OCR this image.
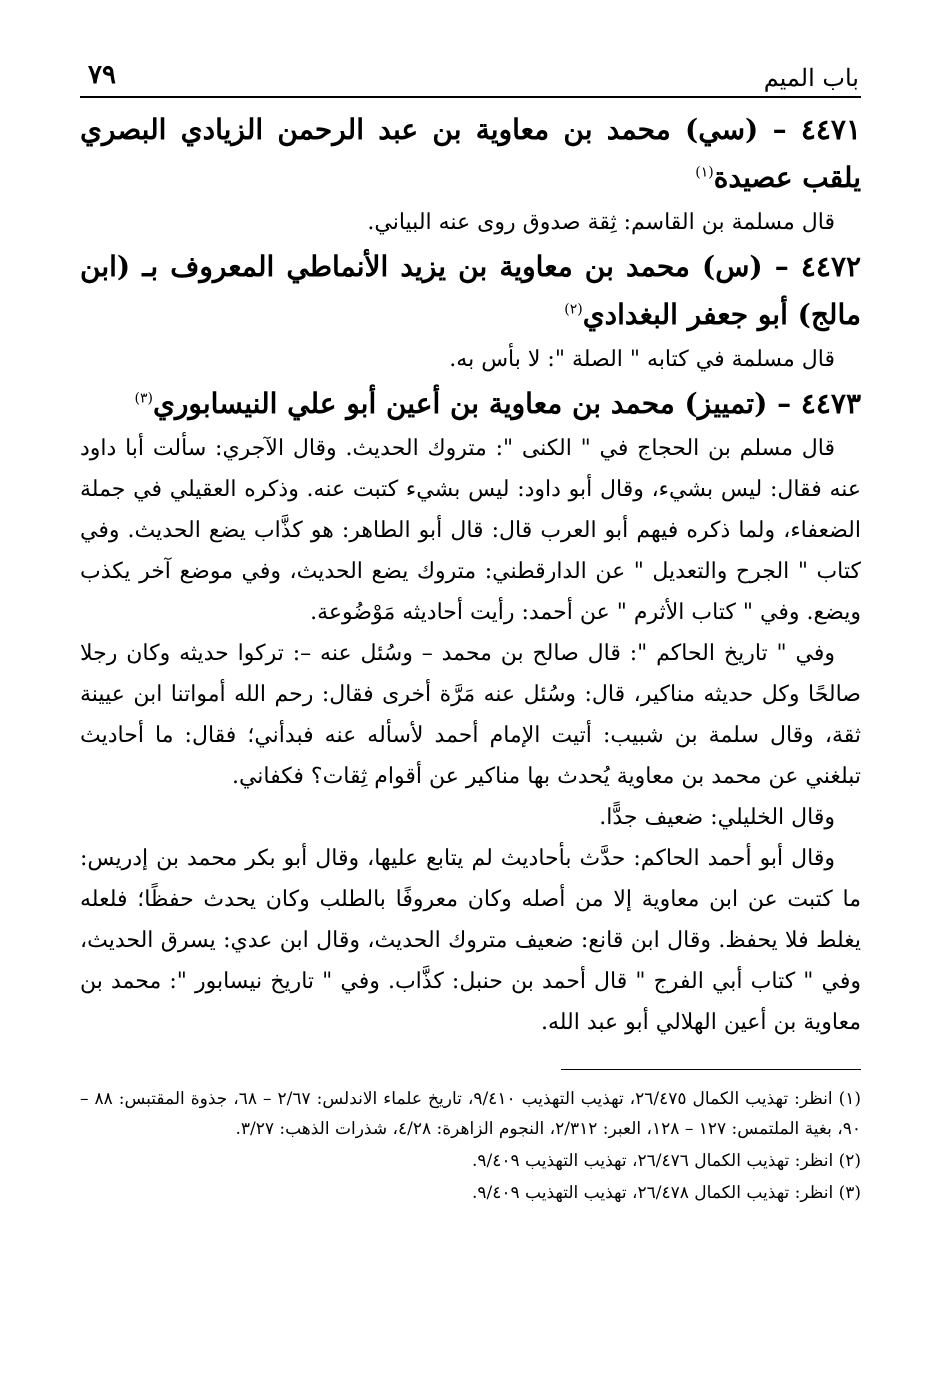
باب الميم
٧٩

٤٤٧١ – (سي) محمد بن معاوية بن عبد الرحمن الزيادي البصري يلقب عصيدة$^{(١)}$

قال مسلمة بن القاسم: ثِقة صدوق روى عنه البياني.

٤٤٧٢ – (س) محمد بن معاوية بن يزيد الأنماطي المعروف بـ (ابن مالج) أبو جعفر البغدادي$^{(٢)}$

قال مسلمة في كتابه " الصلة ": لا بأس به.

٤٤٧٣ – (تمييز) محمد بن معاوية بن أعين أبو علي النيسابوري$^{(٣)}$

قال مسلم بن الحجاج في " الكنى ": متروك الحديث. وقال الآجري: سألت أبا داود عنه فقال: ليس بشيء، وقال أبو داود: ليس بشيء كتبت عنه. وذكره العقيلي في جملة الضعفاء، ولما ذكره فيهم أبو العرب قال: قال أبو الطاهر: هو كذَّاب يضع الحديث. وفي كتاب " الجرح والتعديل " عن الدارقطني: متروك يضع الحديث، وفي موضع آخر يكذب ويضع. وفي " كتاب الأثرم " عن أحمد: رأيت أحاديثه مَوْضُوعة.

وفي " تاريخ الحاكم ": قال صالح بن محمد – وسُئل عنه –: تركوا حديثه وكان رجلا صالحًا وكل حديثه مناكير، قال: وسُئل عنه مَرَّة أخرى فقال: رحم الله أمواتنا ابن عيينة ثقة، وقال سلمة بن شبيب: أتيت الإمام أحمد لأسأله عنه فبدأني؛ فقال: ما أحاديث تبلغني عن محمد بن معاوية يُحدث بها مناكير عن أقوام ثِقات؟ فكفاني.

وقال الخليلي: ضعيف جدًّا.

وقال أبو أحمد الحاكم: حدَّث بأحاديث لم يتابع عليها، وقال أبو بكر محمد بن إدريس: ما كتبت عن ابن معاوية إلا من أصله وكان معروفًا بالطلب وكان يحدث حفظًا؛ فلعله يغلط فلا يحفظ. وقال ابن قانع: ضعيف متروك الحديث، وقال ابن عدي: يسرق الحديث، وفي " كتاب أبي الفرج " قال أحمد بن حنبل: كذَّاب. وفي " تاريخ نيسابور ": محمد بن معاوية بن أعين الهلالي أبو عبد الله.

(١) انظر: تهذيب الكمال ٢٦/٤٧٥، تهذيب التهذيب ٩/٤١٠، تاريخ علماء الاندلس: ٢/٦٧ – ٦٨، جذوة المقتبس: ٨٨ – ٩٠، بغية الملتمس: ١٢٧ – ١٢٨، العبر: ٢/٣١٢، النجوم الزاهرة: ٤/٢٨، شذرات الذهب: ٣/٢٧.

(٢) انظر: تهذيب الكمال ٢٦/٤٧٦، تهذيب التهذيب ٩/٤٠٩.

(٣) انظر: تهذيب الكمال ٢٦/٤٧٨، تهذيب التهذيب ٩/٤٠٩.
